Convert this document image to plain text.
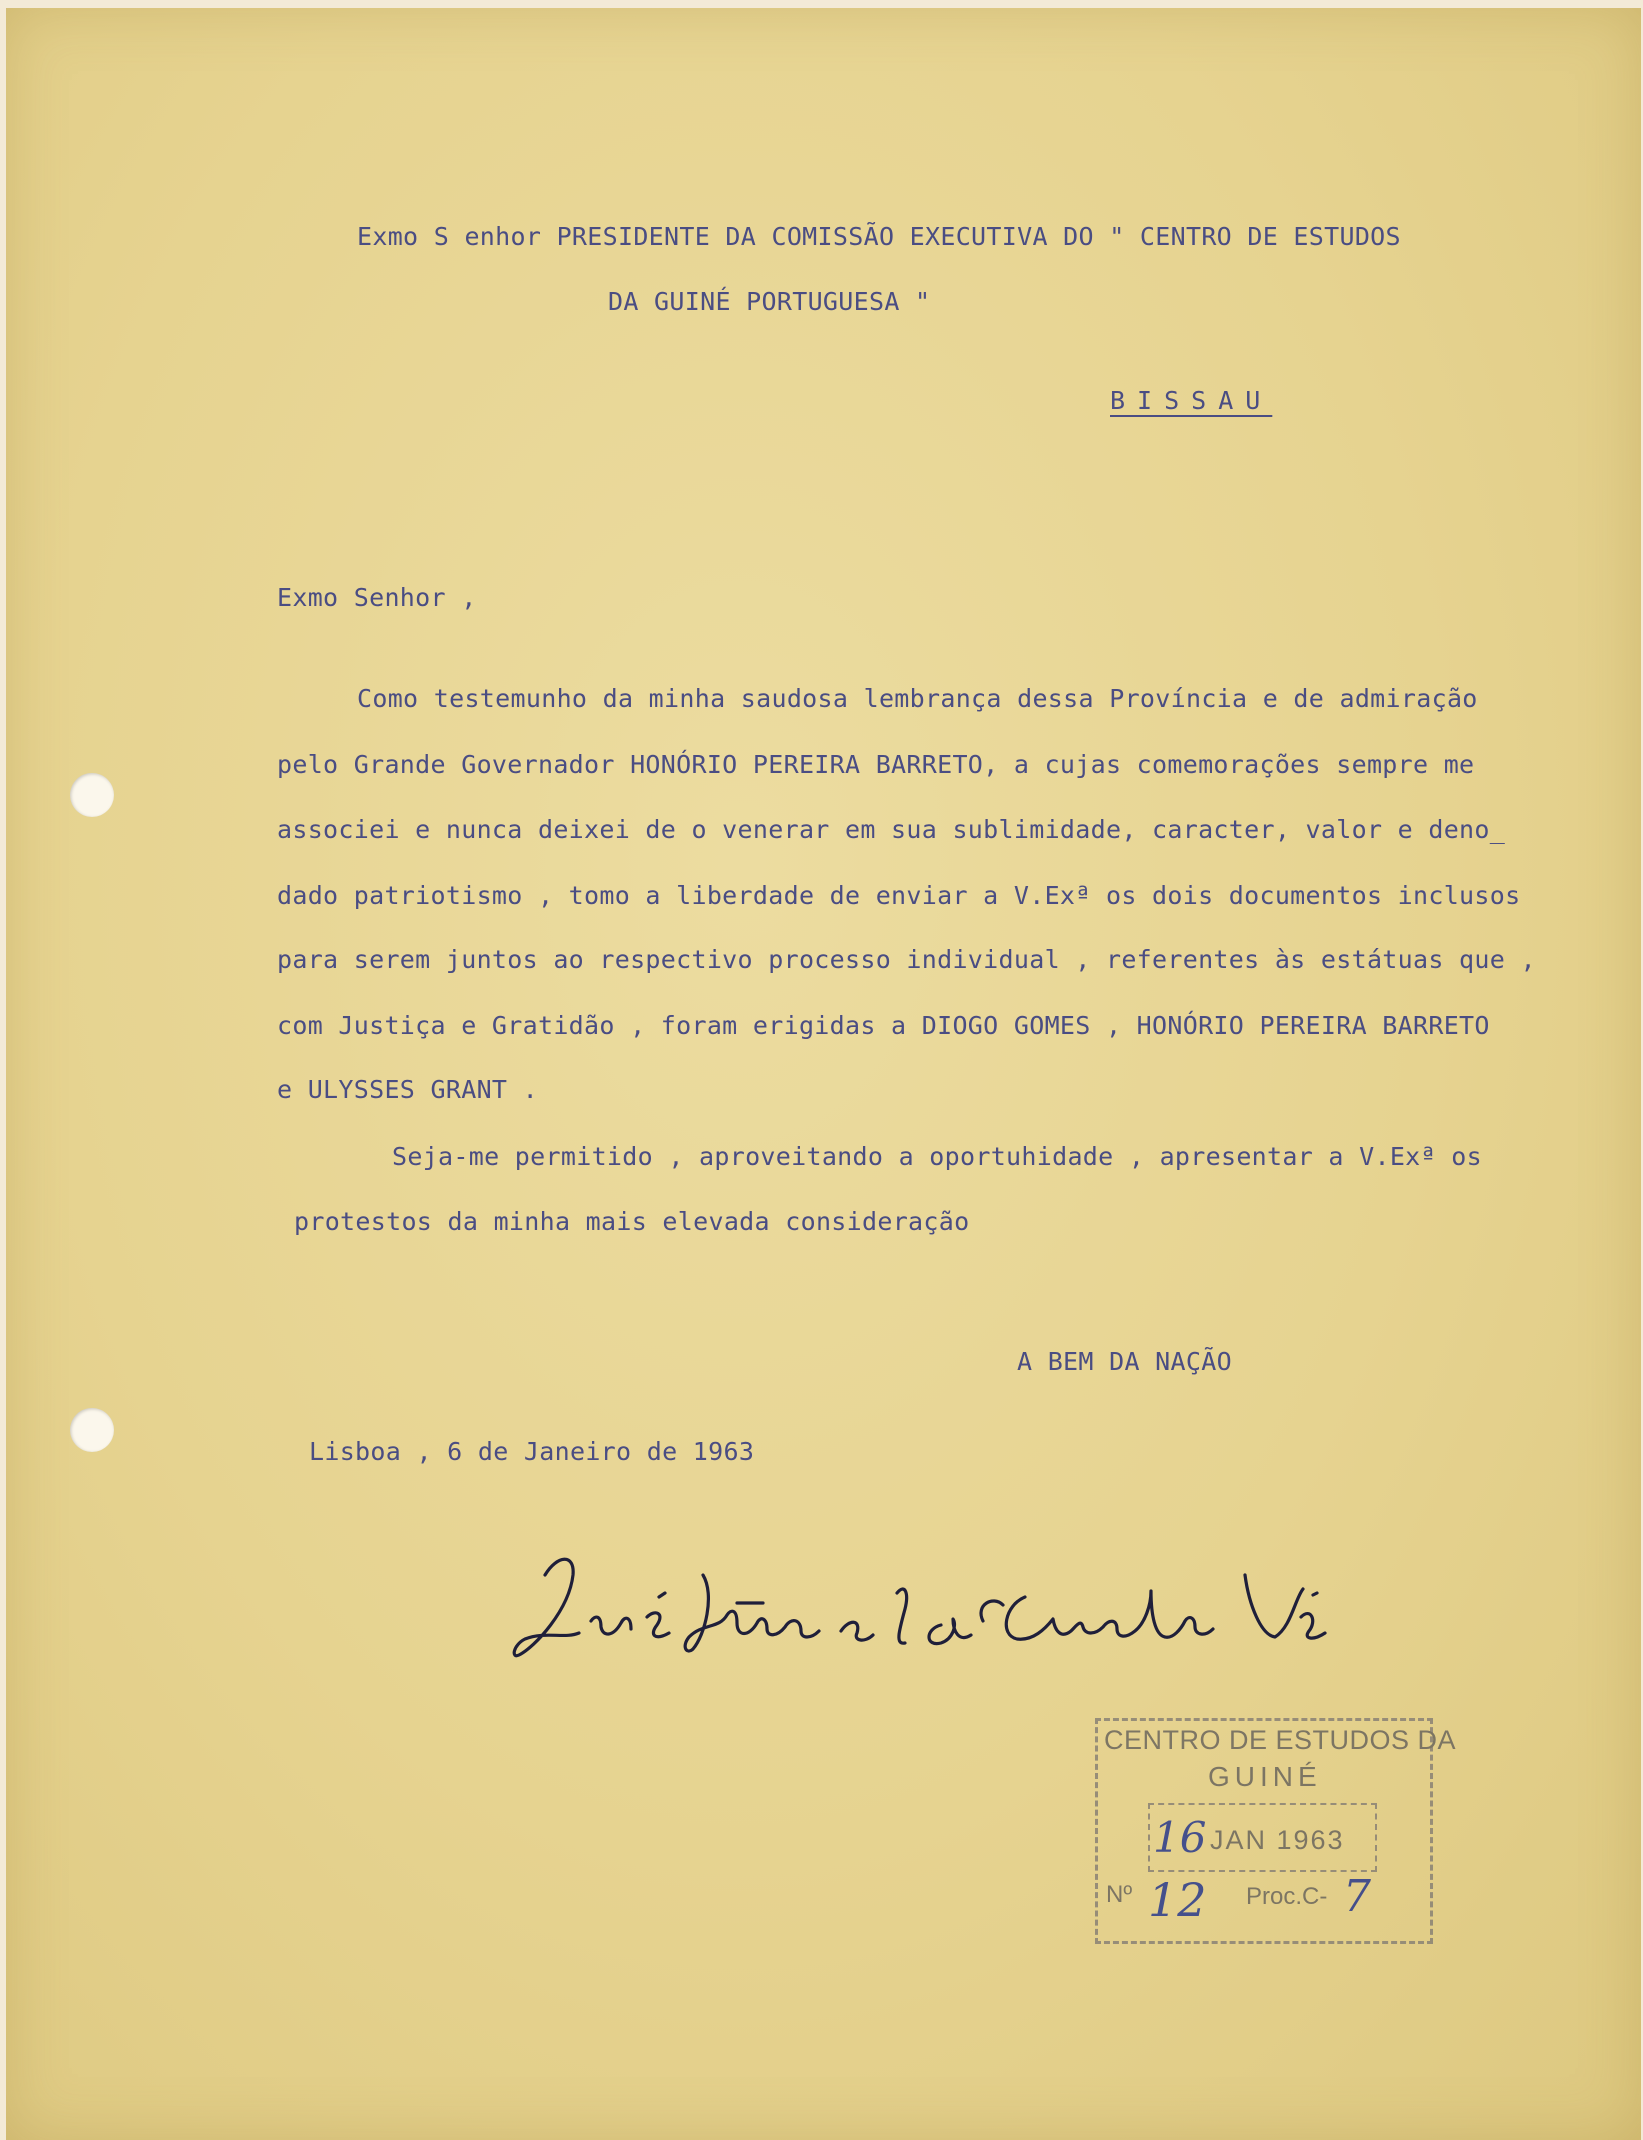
Exmo S enhor PRESIDENTE DA COMISSÃO EXECUTIVA DO " CENTRO DE ESTUDOS

DA GUINÉ PORTUGUESA "

BISSAU

Exmo Senhor ,

Como testemunho da minha saudosa lembrança dessa Província e de admiração

pelo Grande Governador HONÓRIO PEREIRA BARRETO, a cujas comemorações sempre me

associei e nunca deixei de o venerar em sua sublimidade, caracter, valor e deno_

dado patriotismo , tomo a liberdade de enviar a V.Exª os dois documentos inclusos

para serem juntos ao respectivo processo individual , referentes às estátuas que ,

com Justiça e Gratidão , foram erigidas a DIOGO GOMES , HONÓRIO PEREIRA BARRETO

e ULYSSES GRANT .

Seja-me permitido , aproveitando a oportuhidade , apresentar a V.Exª os

protestos da minha mais elevada consideração

A BEM DA NAÇÃO

Lisboa , 6 de Janeiro de 1963

CENTRO DE ESTUDOS DA

GUINÉ

16 JAN 1963

Nº 12 Proc.C- 7
